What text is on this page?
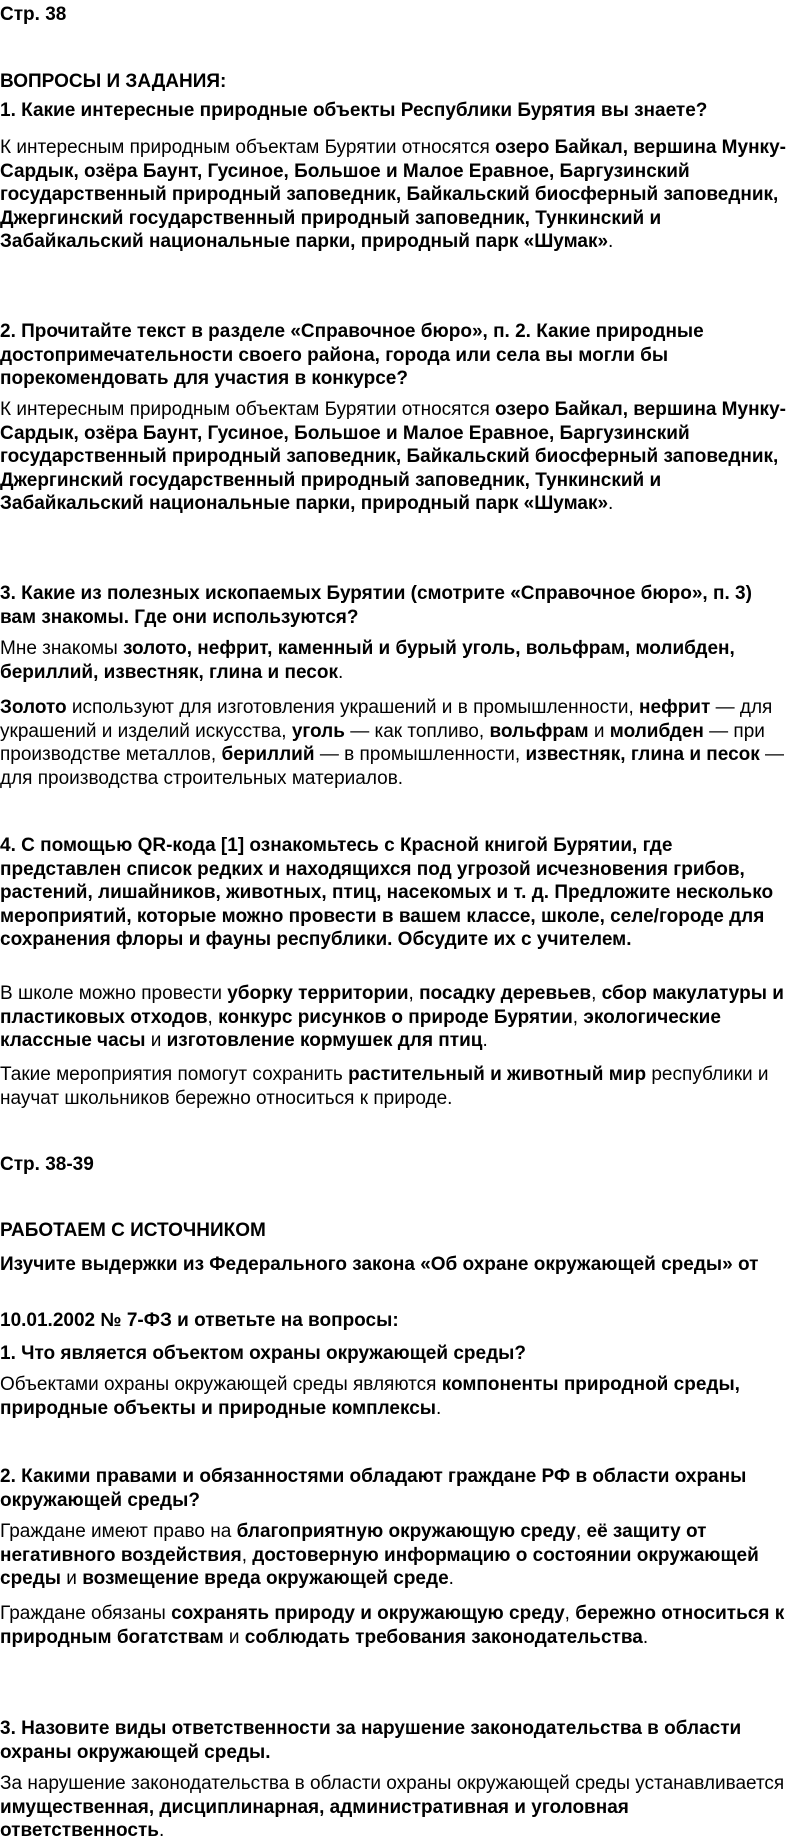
Стр. 38
ВОПРОСЫ И ЗАДАНИЯ:
1. Какие интересные природные объекты Республики Бурятия вы знаете?

К интересным природным объектам Бурятии относятся озеро Байкал, вершина Мунку-Сардык, озёра Баунт, Гусиное, Большое и Малое Еравное, Баргузинский государственный природный заповедник, Байкальский биосферный заповедник, Джергинский государственный природный заповедник, Тункинский и Забайкальский национальные парки, природный парк «Шумак».

2. Прочитайте текст в разделе «Справочное бюро», п. 2. Какие природные достопримечательности своего района, города или села вы могли бы порекомендовать для участия в конкурсе?

К интересным природным объектам Бурятии относятся озеро Байкал, вершина Мунку-Сардык, озёра Баунт, Гусиное, Большое и Малое Еравное, Баргузинский государственный природный заповедник, Байкальский биосферный заповедник, Джергинский государственный природный заповедник, Тункинский и Забайкальский национальные парки, природный парк «Шумак».

3. Какие из полезных ископаемых Бурятии (смотрите «Справочное бюро», п. 3) вам знакомы. Где они используются?

Мне знакомы золото, нефрит, каменный и бурый уголь, вольфрам, молибден, бериллий, известняк, глина и песок.

Золото используют для изготовления украшений и в промышленности, нефрит — для украшений и изделий искусства, уголь — как топливо, вольфрам и молибден — при производстве металлов, бериллий — в промышленности, известняк, глина и песок — для производства строительных материалов.

4. С помощью QR-кода [1] ознакомьтесь с Красной книгой Бурятии, где представлен список редких и находящихся под угрозой исчезновения грибов, растений, лишайников, животных, птиц, насекомых и т. д. Предложите несколько мероприятий, которые можно провести в вашем классе, школе, селе/городе для сохранения флоры и фауны республики. Обсудите их с учителем.

В школе можно провести уборку территории, посадку деревьев, сбор макулатуры и пластиковых отходов, конкурс рисунков о природе Бурятии, экологические классные часы и изготовление кормушек для птиц.

Такие мероприятия помогут сохранить растительный и животный мир республики и научат школьников бережно относиться к природе.

Стр. 38-39
РАБОТАЕМ С ИСТОЧНИКОМ
Изучите выдержки из Федерального закона «Об охране окружающей среды» от
10.01.2002 № 7-ФЗ и ответьте на вопросы:
1. Что является объектом охраны окружающей среды?

Объектами охраны окружающей среды являются компоненты природной среды, природные объекты и природные комплексы.

2. Какими правами и обязанностями обладают граждане РФ в области охраны окружающей среды?

Граждане имеют право на благоприятную окружающую среду, её защиту от негативного воздействия, достоверную информацию о состоянии окружающей среды и возмещение вреда окружающей среде.

Граждане обязаны сохранять природу и окружающую среду, бережно относиться к природным богатствам и соблюдать требования законодательства.

3. Назовите виды ответственности за нарушение законодательства в области охраны окружающей среды.

За нарушение законодательства в области охраны окружающей среды устанавливается имущественная, дисциплинарная, административная и уголовная ответственность.
